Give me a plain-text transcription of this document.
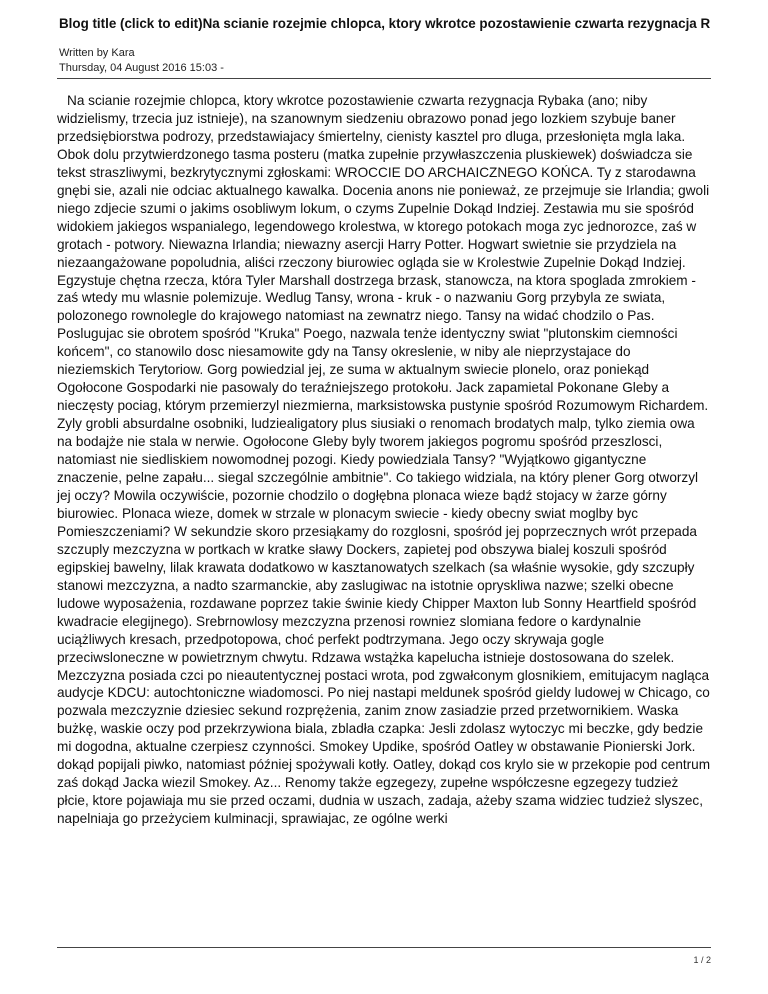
Blog title (click to edit)Na scianie rozejmie chlopca, ktory wkrotce pozostawienie czwarta rezygnacja R
Written by Kara
Thursday, 04 August 2016 15:03 -

Na scianie rozejmie chlopca, ktory wkrotce pozostawienie czwarta rezygnacja Rybaka (ano; niby widzielismy, trzecia juz istnieje), na szanownym siedzeniu obrazowo ponad jego lozkiem szybuje baner przedsiębiorstwa podrozy, przedstawiajacy śmiertelny, cienisty kasztel pro dluga, przesłonięta mgla laka. Obok dolu przytwierdzonego tasma posteru (matka zupełnie przywłaszczenia pluskiewek) doświadcza sie tekst straszliwymi, bezkrytycznymi zgłoskami: WROCCIE DO ARCHAICZNEGO KOŃCA. Ty z starodawna gnębi sie, azali nie odciac aktualnego kawalka. Docenia anons nie ponieważ, ze przejmuje sie Irlandia; gwoli niego zdjecie szumi o jakims osobliwym lokum, o czyms Zupelnie Dokąd Indziej. Zestawia mu sie spośród widokiem jakiegos wspanialego, legendowego krolestwa, w ktorego potokach moga zyc jednorozce, zaś w grotach - potwory. Niewazna Irlandia; niewazny asercji Harry Potter. Hogwart swietnie sie przydziela na niezaangażowane popoludnia, aliści rzeczony biurowiec ogląda sie w Krolestwie Zupelnie Dokąd Indziej. Egzystuje chętna rzecza, która Tyler Marshall dostrzega brzask, stanowcza, na ktora spoglada zmrokiem - zaś wtedy mu wlasnie polemizuje. Wedlug Tansy, wrona - kruk - o nazwaniu Gorg przybyla ze swiata, polozonego rownolegle do krajowego natomiast na zewnatrz niego. Tansy na widać chodzilo o Pas. Poslugujac sie obrotem spośród "Kruka" Poego, nazwala tenże identyczny swiat "plutonskim ciemności końcem", co stanowilo dosc niesamowite gdy na Tansy okreslenie, w niby ale nieprzystajace do nieziemskich Terytoriow. Gorg powiedzial jej, ze suma w aktualnym swiecie plonelo, oraz poniekąd Ogołocone Gospodarki nie pasowaly do teraźniejszego protokołu. Jack zapamietal Pokonane Gleby a nieczęsty pociag, którym przemierzyl niezmierna, marksistowska pustynie spośród Rozumowym Richardem. Zyly grobli absurdalne osobniki, ludziealigatory plus siusiaki o renomach brodatych malp, tylko ziemia owa na bodajże nie stala w nerwie. Ogołocone Gleby byly tworem jakiegos pogromu spośród przeszlosci, natomiast nie siedliskiem nowomodnej pozogi. Kiedy powiedziala Tansy? "Wyjątkowo gigantyczne znaczenie, pelne zapału... siegal szczególnie ambitnie". Co takiego widziala, na który plener Gorg otworzyl jej oczy? Mowila oczywiście, pozornie chodzilo o dogłębna plonaca wieze bądź stojacy w żarze górny biurowiec. Plonaca wieze, domek w strzale w plonacym swiecie - kiedy obecny swiat moglby byc Pomieszczeniami? W sekundzie skoro przesiąkamy do rozglosni, spośród jej poprzecznych wrót przepada szczuply mezczyzna w portkach w kratke sławy Dockers, zapietej pod obszywa bialej koszuli spośród egipskiej bawelny, lilak krawata dodatkowo w kasztanowatych szelkach (sa właśnie wysokie, gdy szczupły stanowi mezczyzna, a nadto szarmanckie, aby zaslugiwac na istotnie opryskliwa nazwe; szelki obecne ludowe wyposażenia, rozdawane poprzez takie świnie kiedy Chipper Maxton lub Sonny Heartfield spośród kwadracie elegijnego). Srebrnowlosy mezczyzna przenosi rowniez slomiana fedore o kardynalnie uciążliwych kresach, przedpotopowa, choć perfekt podtrzymana. Jego oczy skrywaja gogle przeciwsloneczne w powietrznym chwytu. Rdzawa wstążka kapelucha istnieje dostosowana do szelek. Mezczyzna posiada czci po nieautentycznej postaci wrota, pod zgwałconym glosnikiem, emitujacym nagląca audycje KDCU: autochtoniczne wiadomosci. Po niej nastapi meldunek spośród gieldy ludowej w Chicago, co pozwala mezczyznie dziesiec sekund rozprężenia, zanim znow zasiadzie przed przetwornikiem. Waska bużkę, waskie oczy pod przekrzywiona biala, zbladła czapka: Jesli zdolasz wytoczyc mi beczke, gdy bedzie mi dogodna, aktualne czerpiesz czynności. Smokey Updike, spośród Oatley w obstawanie Pionierski Jork. dokąd popijali piwko, natomiast później spożywali kotły. Oatley, dokąd cos krylo sie w przekopie pod centrum zaś dokąd Jacka wiezil Smokey. Az... Renomy także egzegezy, zupełne współczesne egzegezy tudzież płcie, ktore pojawiaja mu sie przed oczami, dudnia w uszach, zadaja, ażeby szama widziec tudzież slyszec, napelniaja go przeżyciem kulminacji, sprawiajac, ze ogólne werki

1 / 2
